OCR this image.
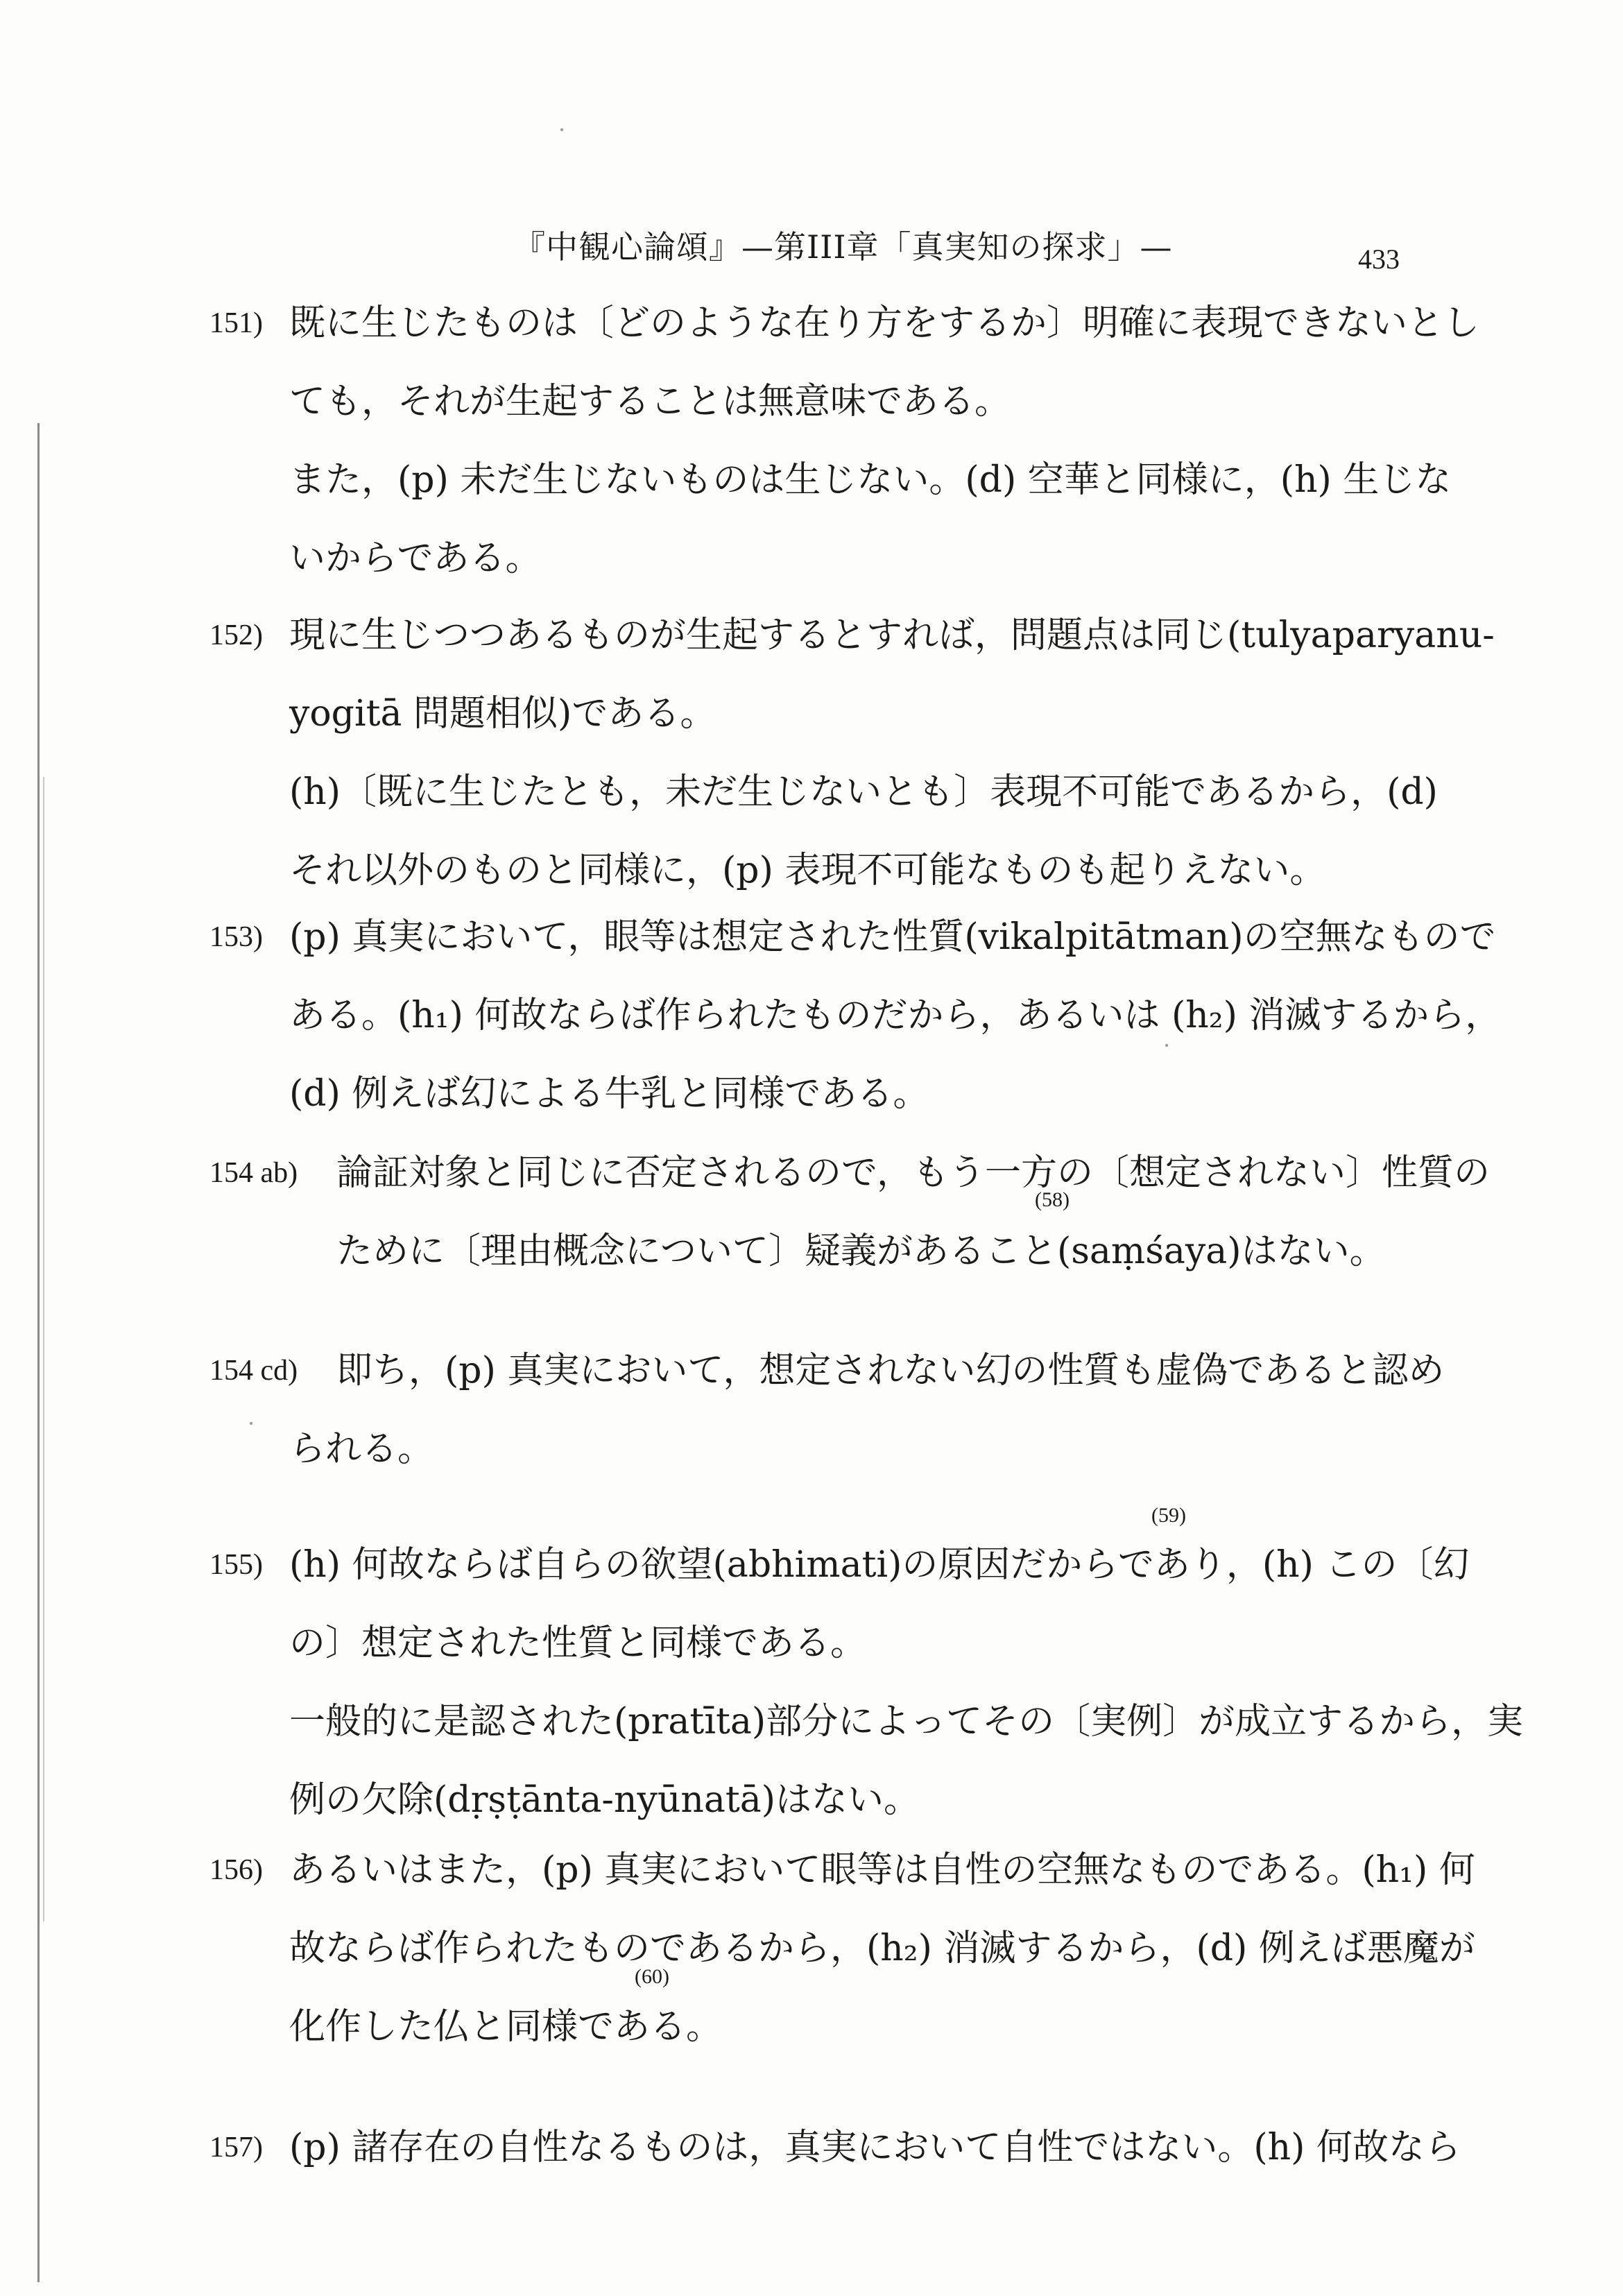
『中観心論頌』—第III章「真実知の探求」—	433
151) 既に生じたものは〔どのような在り方をするか〕明確に表現できないとし
ても，それが生起することは無意味である。
また，(p) 未だ生じないものは生じない。(d) 空華と同様に，(h) 生じな
いからである。
152) 現に生じつつあるものが生起するとすれば，問題点は同じ(tulyaparyanu-
yogitā 問題相似)である。
(h)〔既に生じたとも，未だ生じないとも〕表現不可能であるから，(d)
それ以外のものと同様に，(p) 表現不可能なものも起りえない。
153) (p) 真実において，眼等は想定された性質(vikalpitātman)の空無なもので
ある。(h₁) 何故ならば作られたものだから，あるいは (h₂) 消滅するから，
(d) 例えば幻による牛乳と同様である。
154 ab) 論証対象と同じに否定されるので，もう一方の〔想定されない〕性質の
ために〔理由概念について〕疑義があること(saṃśaya)はない。
(58)
154 cd) 即ち，(p) 真実において，想定されない幻の性質も虚偽であると認め
られる。
155) (h) 何故ならば自らの欲望(abhimati)の原因だからであり，(h) この〔幻
の〕想定された性質と同様である。
一般的に是認された(pratīta)部分によってその〔実例〕が成立するから，実
例の欠除(dṛṣṭānta-nyūnatā)はない。
(59)
156) あるいはまた，(p) 真実において眼等は自性の空無なものである。(h₁) 何
故ならば作られたものであるから，(h₂) 消滅するから，(d) 例えば悪魔が
化作した仏と同様である。
(60)
157) (p) 諸存在の自性なるものは，真実において自性ではない。(h) 何故なら
